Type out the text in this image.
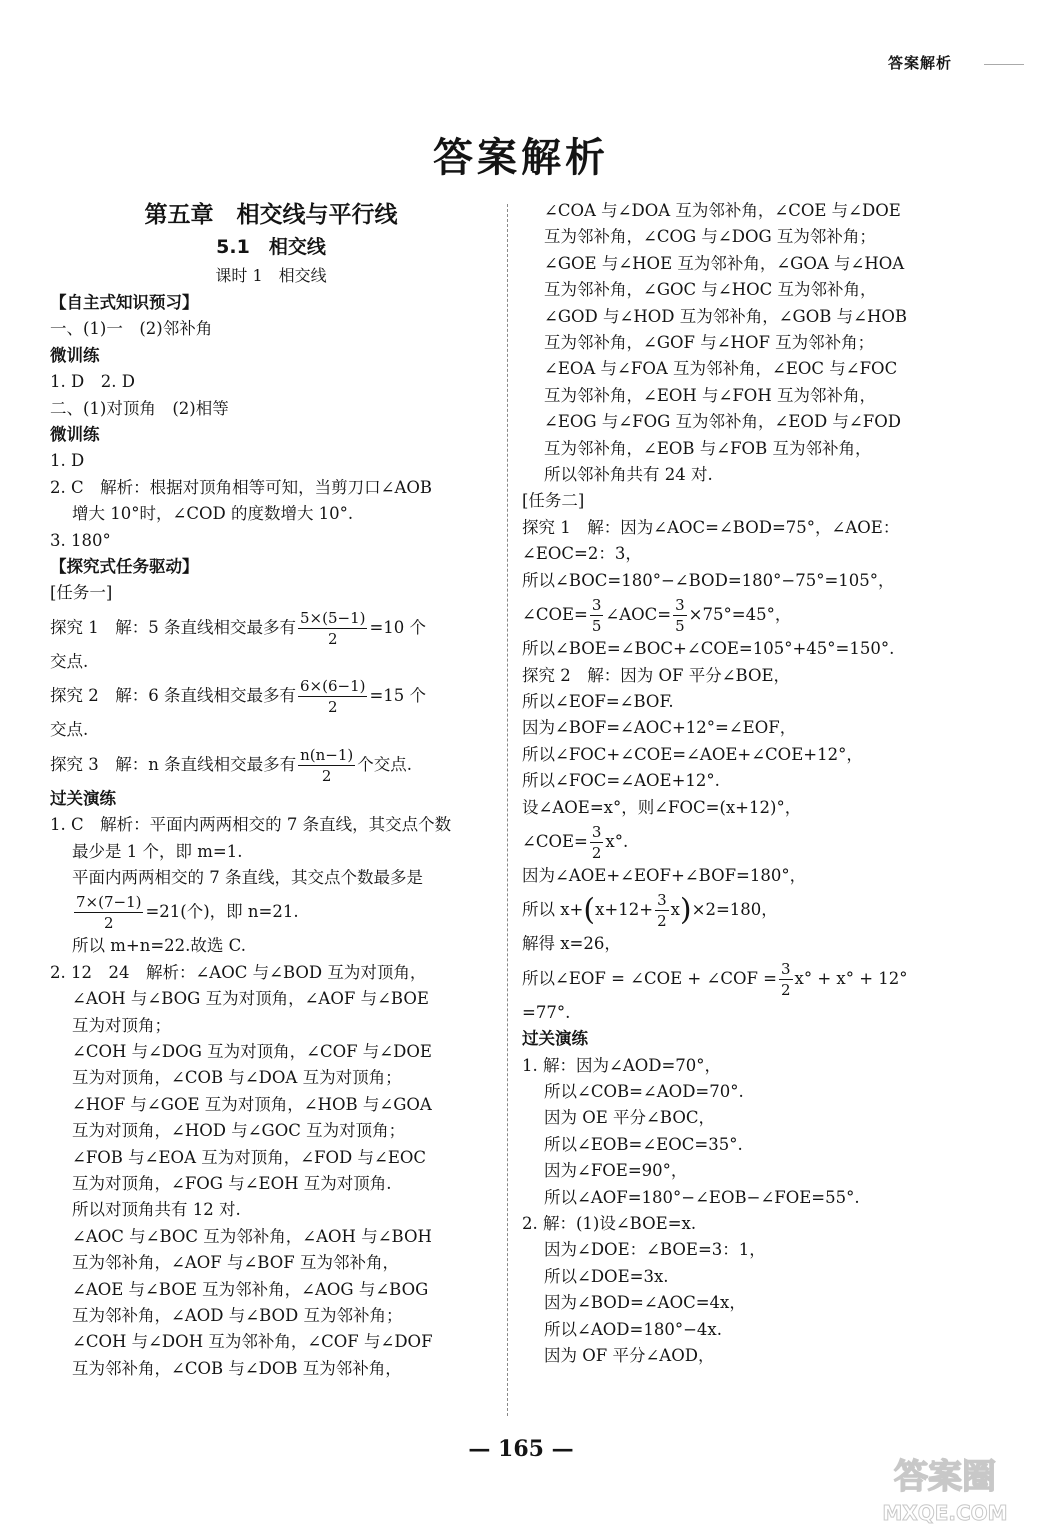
答案解析
答案解析
第五章　相交线与平行线
5.1　相交线
课时 1　相交线
【自主式知识预习】
一、(1)一　(2)邻补角
微训练
1. D　2. D
二、(1)对顶角　(2)相等
微训练
1. D
2. C　解析：根据对顶角相等可知，当剪刀口∠AOB
增大 10°时，∠COD 的度数增大 10°.
3. 180°
【探究式任务驱动】
[任务一]
探究 1　解：5 条直线相交最多有 $\frac{5\times(5-1)}{2} =10$ 个
交点.
探究 2　解：6 条直线相交最多有 $\frac{6\times(6-1)}{2} =15$ 个
交点.
探究 3　解：n 条直线相交最多有 $\frac{n(n-1)}{2}$ 个交点.
过关演练
1. C　解析：平面内两两相交的 7 条直线，其交点个数
最少是 1 个，即 m=1.
平面内两两相交的 7 条直线，其交点个数最多是
$\frac{7\times(7-1)}{2} =21$(个)，即 n=21.
所以 m+n=22.故选 C.
2. 12　24　解析：∠AOC 与∠BOD 互为对顶角，
∠AOH 与∠BOG 互为对顶角，∠AOF 与∠BOE
互为对顶角；
∠COH 与∠DOG 互为对顶角，∠COF 与∠DOE
互为对顶角，∠COB 与∠DOA 互为对顶角；
∠HOF 与∠GOE 互为对顶角，∠HOB 与∠GOA
互为对顶角，∠HOD 与∠GOC 互为对顶角；
∠FOB 与∠EOA 互为对顶角，∠FOD 与∠EOC
互为对顶角，∠FOG 与∠EOH 互为对顶角.
所以对顶角共有 12 对.
∠AOC 与∠BOC 互为邻补角，∠AOH 与∠BOH
互为邻补角，∠AOF 与∠BOF 互为邻补角，
∠AOE 与∠BOE 互为邻补角，∠AOG 与∠BOG
互为邻补角，∠AOD 与∠BOD 互为邻补角；
∠COH 与∠DOH 互为邻补角，∠COF 与∠DOF
互为邻补角，∠COB 与∠DOB 互为邻补角，
∠COA 与∠DOA 互为邻补角，∠COE 与∠DOE
互为邻补角，∠COG 与∠DOG 互为邻补角；
∠GOE 与∠HOE 互为邻补角，∠GOA 与∠HOA
互为邻补角，∠GOC 与∠HOC 互为邻补角，
∠GOD 与∠HOD 互为邻补角，∠GOB 与∠HOB
互为邻补角，∠GOF 与∠HOF 互为邻补角；
∠EOA 与∠FOA 互为邻补角，∠EOC 与∠FOC
互为邻补角，∠EOH 与∠FOH 互为邻补角，
∠EOG 与∠FOG 互为邻补角，∠EOD 与∠FOD
互为邻补角，∠EOB 与∠FOB 互为邻补角，
所以邻补角共有 24 对.
[任务二]
探究 1　解：因为∠AOC=∠BOD=75°，∠AOE：
∠EOC=2：3，
所以∠BOC=180°−∠BOD=180°−75°=105°，
∠COE= $\frac{3}{5}$ ∠AOC= $\frac{3}{5} \times 75^\circ=45^\circ$，
所以∠BOE=∠BOC+∠COE=105°+45°=150°.
探究 2　解：因为 OF 平分∠BOE，
所以∠EOF=∠BOF.
因为∠BOF=∠AOC+12°=∠EOF，
所以∠FOC+∠COE=∠AOE+∠COE+12°，
所以∠FOC=∠AOE+12°.
设∠AOE=x°，则∠FOC=(x+12)°，
∠COE= $\frac{3}{2} x^\circ$.
因为∠AOE+∠EOF+∠BOF=180°，
所以 $x+(x+12+ \frac{3}{2} x)\times 2=180$，
解得 x=26，
所以∠EOF = ∠COE + ∠COF = $\frac{3}{2} x^\circ + x^\circ + 12^\circ$
=77°.
过关演练
1. 解：因为∠AOD=70°，
所以∠COB=∠AOD=70°.
因为 OE 平分∠BOC，
所以∠EOB=∠EOC=35°.
因为∠FOE=90°，
所以∠AOF=180°−∠EOB−∠FOE=55°.
2. 解：(1)设∠BOE=x.
因为∠DOE：∠BOE=3：1，
所以∠DOE=3x.
因为∠BOD=∠AOC=4x，
所以∠AOD=180°−4x.
因为 OF 平分∠AOD，
— 165 —
答案圈
MXQE.COM
